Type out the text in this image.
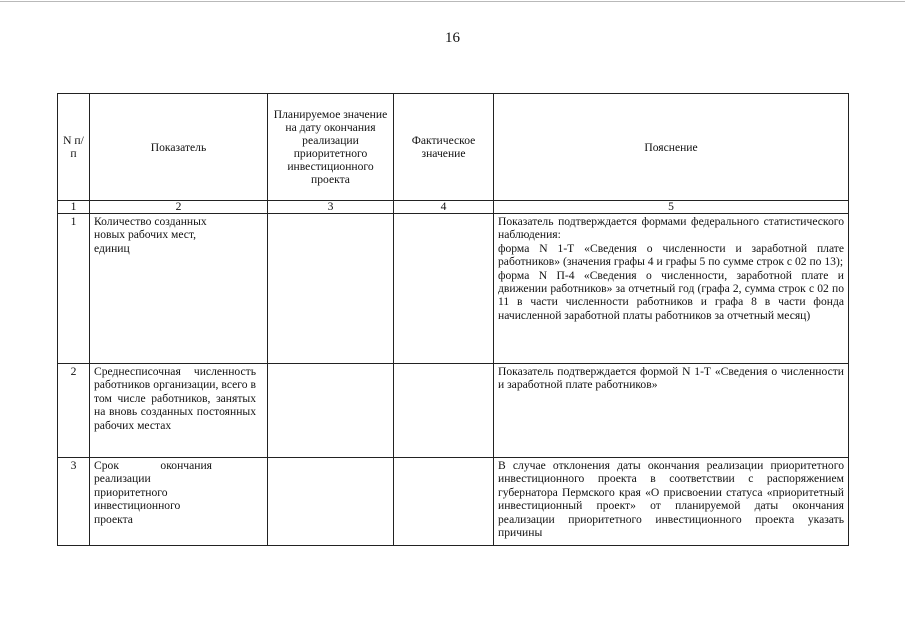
16
N п/п	Показатель	Планируемое значение на дату окончания реализации приоритетного инвестиционного проекта	Фактическое значение	Пояснение
1	2	3	4	5
1	Количество созданных новых рабочих мест, единиц			Показатель подтверждается формами федерального статистического наблюдения:
форма N 1-Т «Сведения о численности и заработной плате работников» (значения графы 4 и графы 5 по сумме строк с 02 по 13);
форма N П-4 «Сведения о численности, заработной плате и движении работников» за отчетный год (графа 2, сумма строк с 02 по 11 в части численности работников и графа 8 в части фонда начисленной заработной платы работников за отчетный месяц)

2	Среднесписочная численность работников организации, всего в том числе работников, занятых на вновь созданных постоянных рабочих местах			Показатель подтверждается формой N 1-Т «Сведения о численности и заработной плате работников»
3	Срок окончания реализации приоритетного инвестиционного проекта			В случае отклонения даты окончания реализации приоритетного инвестиционного проекта в соответствии с распоряжением губернатора Пермского края «О присвоении статуса «приоритетный инвестиционный проект» от планируемой даты окончания реализации приоритетного инвестиционного проекта указать причины
